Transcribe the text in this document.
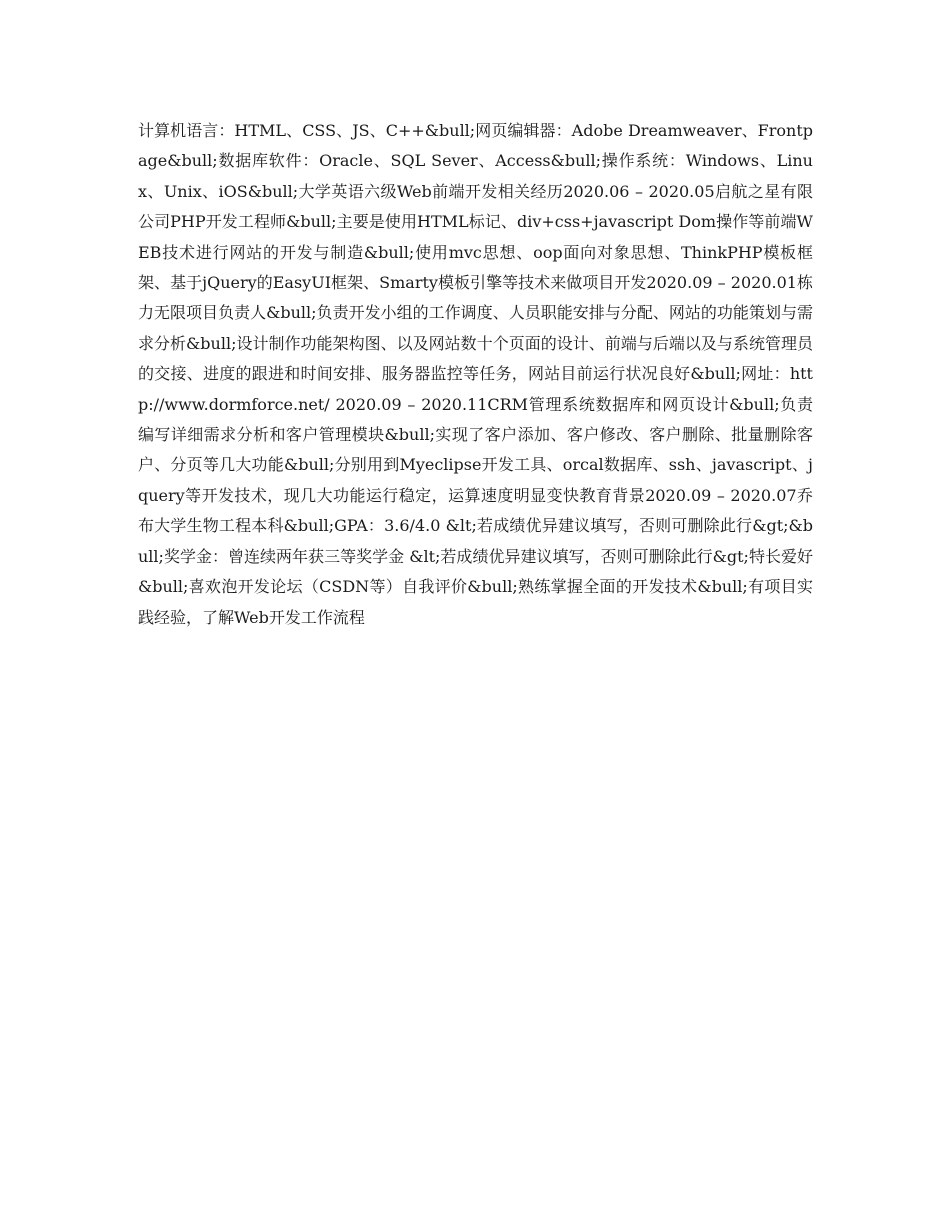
计算机语言：HTML、CSS、JS、C++&bull;网页编辑器：Adobe Dreamweaver、Frontpage&bull;数据库软件：Oracle、SQL Sever、Access&bull;操作系统：Windows、Linux、Unix、iOS&bull;大学英语六级Web前端开发相关经历2020.06 – 2020.05启航之星有限公司PHP开发工程师&bull;主要是使用HTML标记、div+css+javascript Dom操作等前端WEB技术进行网站的开发与制造&bull;使用mvc思想、oop面向对象思想、ThinkPHP模板框架、基于jQuery的EasyUI框架、Smarty模板引擎等技术来做项目开发2020.09 – 2020.01栋力无限项目负责人&bull;负责开发小组的工作调度、人员职能安排与分配、网站的功能策划与需求分析&bull;设计制作功能架构图、以及网站数十个页面的设计、前端与后端以及与系统管理员的交接、进度的跟进和时间安排、服务器监控等任务，网站目前运行状况良好&bull;网址：http://www.dormforce.net/ 2020.09 – 2020.11CRM管理系统数据库和网页设计&bull;负责编写详细需求分析和客户管理模块&bull;实现了客户添加、客户修改、客户删除、批量删除客户、分页等几大功能&bull;分别用到Myeclipse开发工具、orcal数据库、ssh、javascript、jquery等开发技术，现几大功能运行稳定，运算速度明显变快教育背景2020.09 – 2020.07乔布大学生物工程本科&bull;GPA：3.6/4.0 &lt;若成绩优异建议填写，否则可删除此行&gt;&bull;奖学金：曾连续两年获三等奖学金 &lt;若成绩优异建议填写，否则可删除此行&gt;特长爱好&bull;喜欢泡开发论坛（CSDN等）自我评价&bull;熟练掌握全面的开发技术&bull;有项目实践经验，了解Web开发工作流程
